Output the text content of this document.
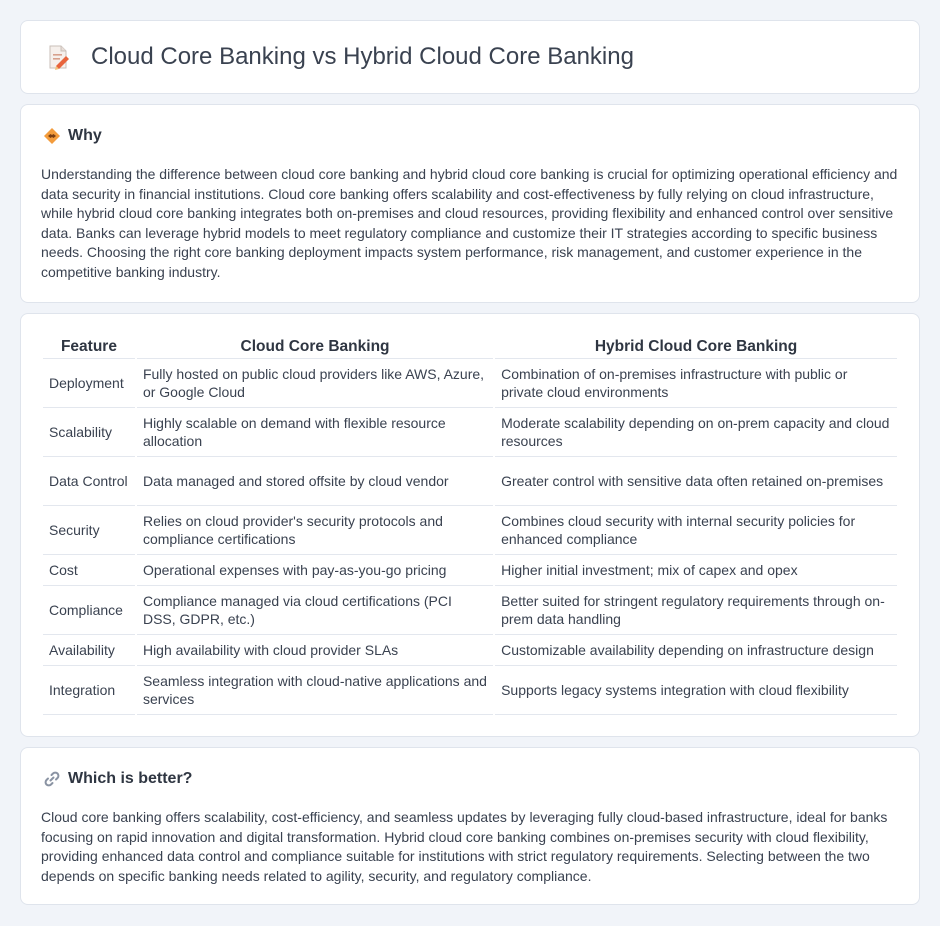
Cloud Core Banking vs Hybrid Cloud Core Banking
Why

Understanding the difference between cloud core banking and hybrid cloud core banking is crucial for optimizing operational efficiency and data security in financial institutions. Cloud core banking offers scalability and cost-effectiveness by fully relying on cloud infrastructure, while hybrid cloud core banking integrates both on-premises and cloud resources, providing flexibility and enhanced control over sensitive data. Banks can leverage hybrid models to meet regulatory compliance and customize their IT strategies according to specific business needs. Choosing the right core banking deployment impacts system performance, risk management, and customer experience in the competitive banking industry.

Feature	Cloud Core Banking	Hybrid Cloud Core Banking
Deployment	Fully hosted on public cloud providers like AWS, Azure, or Google Cloud	Combination of on-premises infrastructure with public or private cloud environments
Scalability	Highly scalable on demand with flexible resource allocation	Moderate scalability depending on on-prem capacity and cloud resources
Data Control	Data managed and stored offsite by cloud vendor	Greater control with sensitive data often retained on-premises
Security	Relies on cloud provider's security protocols and compliance certifications	Combines cloud security with internal security policies for enhanced compliance
Cost	Operational expenses with pay-as-you-go pricing	Higher initial investment; mix of capex and opex
Compliance	Compliance managed via cloud certifications (PCI DSS, GDPR, etc.)	Better suited for stringent regulatory requirements through on-prem data handling
Availability	High availability with cloud provider SLAs	Customizable availability depending on infrastructure design
Integration	Seamless integration with cloud-native applications and services	Supports legacy systems integration with cloud flexibility
Which is better?

Cloud core banking offers scalability, cost-efficiency, and seamless updates by leveraging fully cloud-based infrastructure, ideal for banks focusing on rapid innovation and digital transformation. Hybrid cloud core banking combines on-premises security with cloud flexibility, providing enhanced data control and compliance suitable for institutions with strict regulatory requirements. Selecting between the two depends on specific banking needs related to agility, security, and regulatory compliance.
